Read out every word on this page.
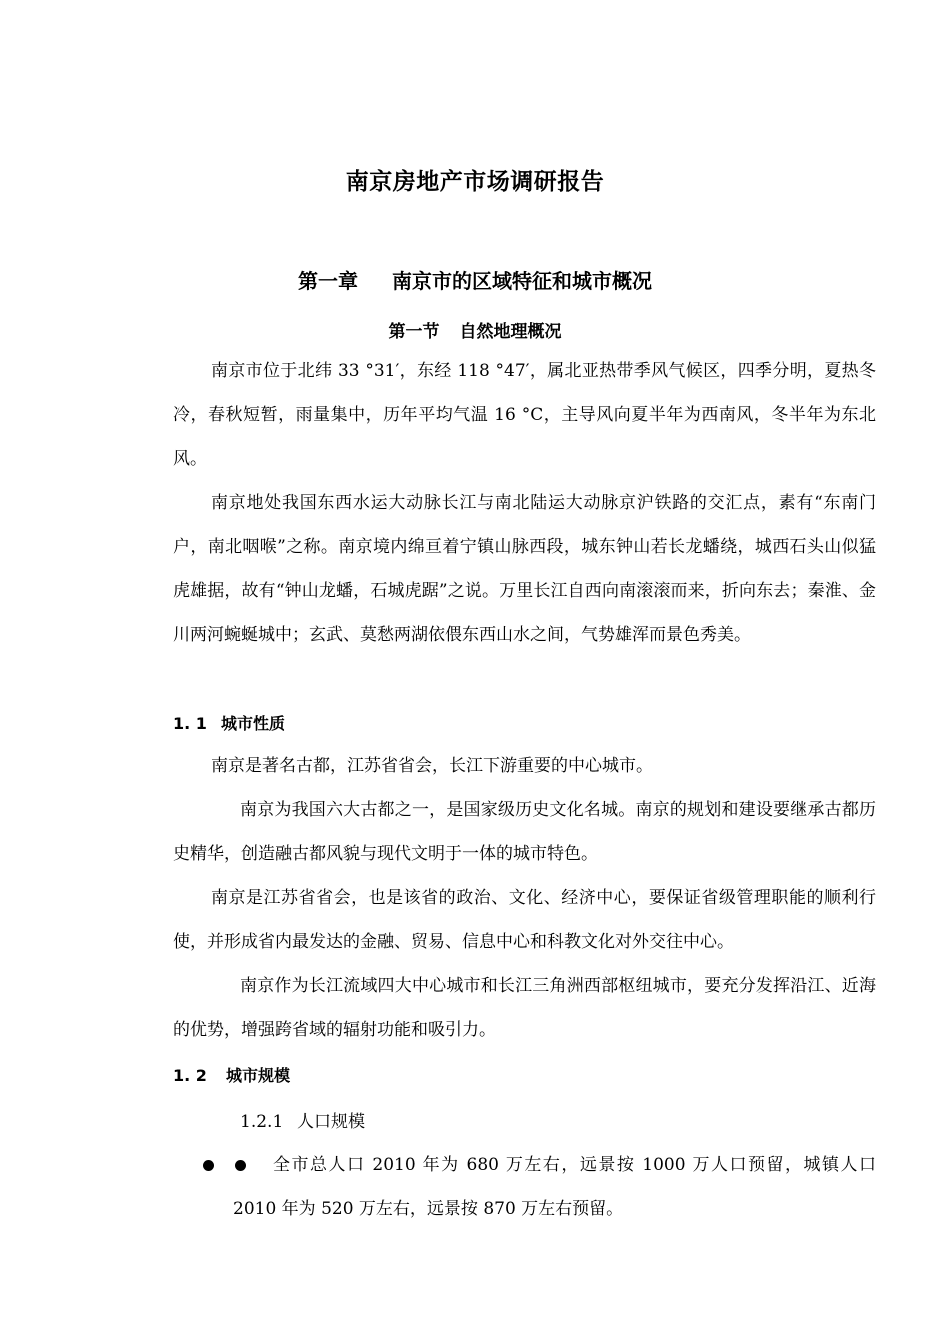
南京房地产市场调研报告
第一章 南京市的区域特征和城市概况
第一节 自然地理概况
南京市位于北纬 33 °31′，东经 118 °47′，属北亚热带季风气候区，四季分明，夏热冬冷，春秋短暂，雨量集中，历年平均气温 16 °C，主导风向夏半年为西南风，冬半年为东北风。
南京地处我国东西水运大动脉长江与南北陆运大动脉京沪铁路的交汇点，素有“东南门户，南北咽喉”之称。南京境内绵亘着宁镇山脉西段，城东钟山若长龙蟠绕，城西石头山似猛虎雄据，故有“钟山龙蟠，石城虎踞”之说。万里长江自西向南滚滚而来，折向东去；秦淮、金川两河蜿蜒城中；玄武、莫愁两湖依偎东西山水之间，气势雄浑而景色秀美。
1. 1 城市性质
南京是著名古都，江苏省省会，长江下游重要的中心城市。
南京为我国六大古都之一，是国家级历史文化名城。南京的规划和建设要继承古都历史精华，创造融古都风貌与现代文明于一体的城市特色。
南京是江苏省省会，也是该省的政治、文化、经济中心，要保证省级管理职能的顺利行使，并形成省内最发达的金融、贸易、信息中心和科教文化对外交往中心。
南京作为长江流域四大中心城市和长江三角洲西部枢纽城市，要充分发挥沿江、近海的优势，增强跨省域的辐射功能和吸引力。
1. 2 城市规模
1.2.1 人口规模
全市总人口 2010 年为 680 万左右，远景按 1000 万人口预留，城镇人口 2010 年为 520 万左右，远景按 870 万左右预留。
